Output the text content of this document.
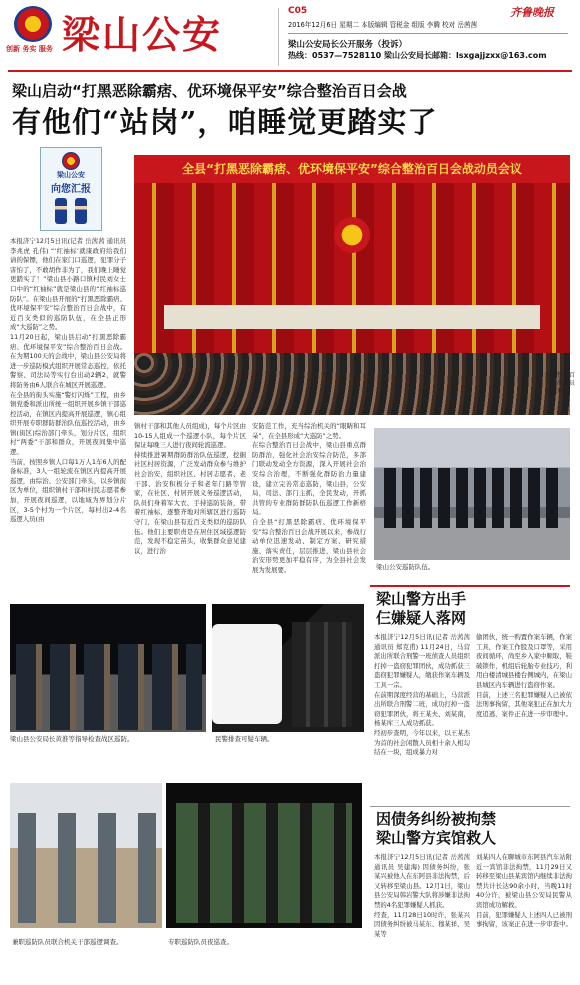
创新 务实 服务 梁山公安
C05	齐鲁晚报
2016年12月6日 星期二 本版编辑 管税金 组版 李腾 校对 岳茜茜
梁山公安局长公开服务（投诉）
热线：0537—7528110 梁山公安局长邮箱：lsxgajjzxx@163.com
梁山启动“打黑恶除霸痞、优环境保平安”综合整治百日会战
有他们“站岗”，咱睡觉更踏实了
梁山公安
向您汇报
全县“打黑恶除霸痞、优环境保平安”综合整治百日会战动员会议
综合整治百日会战动员会现场。
本报济宁12月5日讯(记者 岳茜茜 通讯员 李兆虎 孔伟) “‘红袖标’就康政府给我们请的保镖，他们在家门口巡逻，犯罪分子害怕了，不敢胡作非为了，我们晚上睡觉更踏实了！”梁山县小路口镇村民刘女士口中的“红袖标”就是梁山县的“红袖标巡防队”。在梁山县开展的“打黑恶除霸痞、优环境保平安”综合整治百日会战中，有近百支类似的巡防队伍，在全县正形成“大巡防”之势。
11月20日起，梁山县启动“打黑恶除霸痞、优环境保平安”综合整治百日会战。在为期100天的会战中，梁山县公安局将进一步巡防模式组织开展常态巡控，依托警察、司法局等实行台出动2辆2，就警将防务由6人联合在城区开展巡逻。
在全县的街头实施“警灯闪烁”工程，由乡镇党委和派出所统一组织开展乡镇干部巡控活动，在镇区内提高开展巡逻，镇心组织开展专职群防群治队伍巡控活动，由乡镇(街区)综治部门牵头，划分片区，组织村“两委”干部和群众，开展夜间集中巡逻。
当前，按照乡镇人口每1万人1车6人的配备标准，3人一组轮流在镇区内提高开展巡逻，由综治、公安部门牵头，以乡镇街区为单位，组织镇村干部和村民志愿者参加，开展夜间巡逻，以地域为界划分片区，3-5个村为一个片区，每村出2-4名巡逻人员(由
镇村干部和其他人员组成)，每个片区由10-15人组成一个巡逻小队，每个片区保证每晚三人进行夜间轮流巡逻。
持续推进暑期群防群治队伍巡逻，挖掘社区村居资源，广泛发动群众参与维护社会治安，组织社区、村居志愿者、老干部、治安积极分子和老年门路等管家，在社区、村居开展义务巡逻活动，队员们身着军大衣、手持巡防装备，带着红袖标，逐整齐地对所辖区进行巡防守门，在梁山县有近百支类似的巡防队伍。他们主要职责是在居住区域巡逻防范，发现不稳定苗头，收集群众意见建议，进行治
安防范工作，充当综治机关的“眼睛和耳朵”，在全县形成“大巡防”之势。
在综合整治百日会战中，梁山县重点群防群治，强化社会治安综合防范，多部门联动发动全方资源，深入开展社会治安综合治理，不断强化群防治力量建设，建立完善常态巡防，梁山县，公安局，司法、部门主抓，全民发动，开抓共管的专业群防群防队伍巡逻工作新格局。
自全县“打黑恶除霸痞、优环境保平安”综合整治百日会战开展以来，参战行动单位迅速发动、制定方案、研究措施、落实责任，层层推进，梁山县社会治安形势更加平稳有序，为全县社会发展为发展要。	梁山公安巡防队伍。
梁山县公安局长黄淮等指导检查战区巡防。	民警排查可疑车辆。
兼职巡防队员联合机关干部巡逻调查。	专职巡防队员夜巡查。
梁山警方出手
仨嫌疑人落网
本报济宁12月5日讯(记者 岳茜茜 通讯员 郑克甫) 11月24日，马营派出所联合刑警一班侦查人员组织打掉一盗窃犯罪团伙，成功抓获三盗窃犯罪嫌疑人，缴获作案车辆及工具一宗。
在前期深度经营的基础上，马营派出所联合刑警二班，成功打掉一盗窃犯罪团伙，将王某夫、刘某南，杨某库三人成功抓获。
经初步查明，今年以来，以王某杰为首的社会闲散人员相十余人相勾结在一块，组成暴力对
偷团伙，统一购置作案车辆，作案工具，作案工作股及口罩等，采用夜间循环，尚至乡入家中顺取，鞋破锁作，机组后轮胎专业技巧，利用白楼清城县楼台侧城内，在梁山县城区内车辆进行盗窃作案。
目前，上述三名犯罪嫌疑人已被依法刑事拘留，其他案犯正在加大力度追逃，案件正在进一步审理中。
因债务纠纷被拘禁
梁山警方宾馆救人
本报济宁12月5日讯(记者 岳茜茜 通讯员 吴建海) 因债务纠纷，张某兴被他人在东阿县非法拘禁，后又转移至梁山县。12月1日，梁山县公安局韩岩警大队将涉嫌非法拘禁的4名犯罪嫌疑人抓获。
经查，11月28日10时许，张某兴因债务纠纷被马某东、穆某祥、吴某等
刘某四人在聊城市东阿县汽车站附近一宾馆非法拘禁，11月29日又转移至梁山县某宾馆内继续非法拘禁共计长达90余小时，当晚11时40分许，被梁山县公安局民警从宾馆成功解救。
目前，犯罪嫌疑人上述四人已被刑事拘留，该案正在进一步审查中。
